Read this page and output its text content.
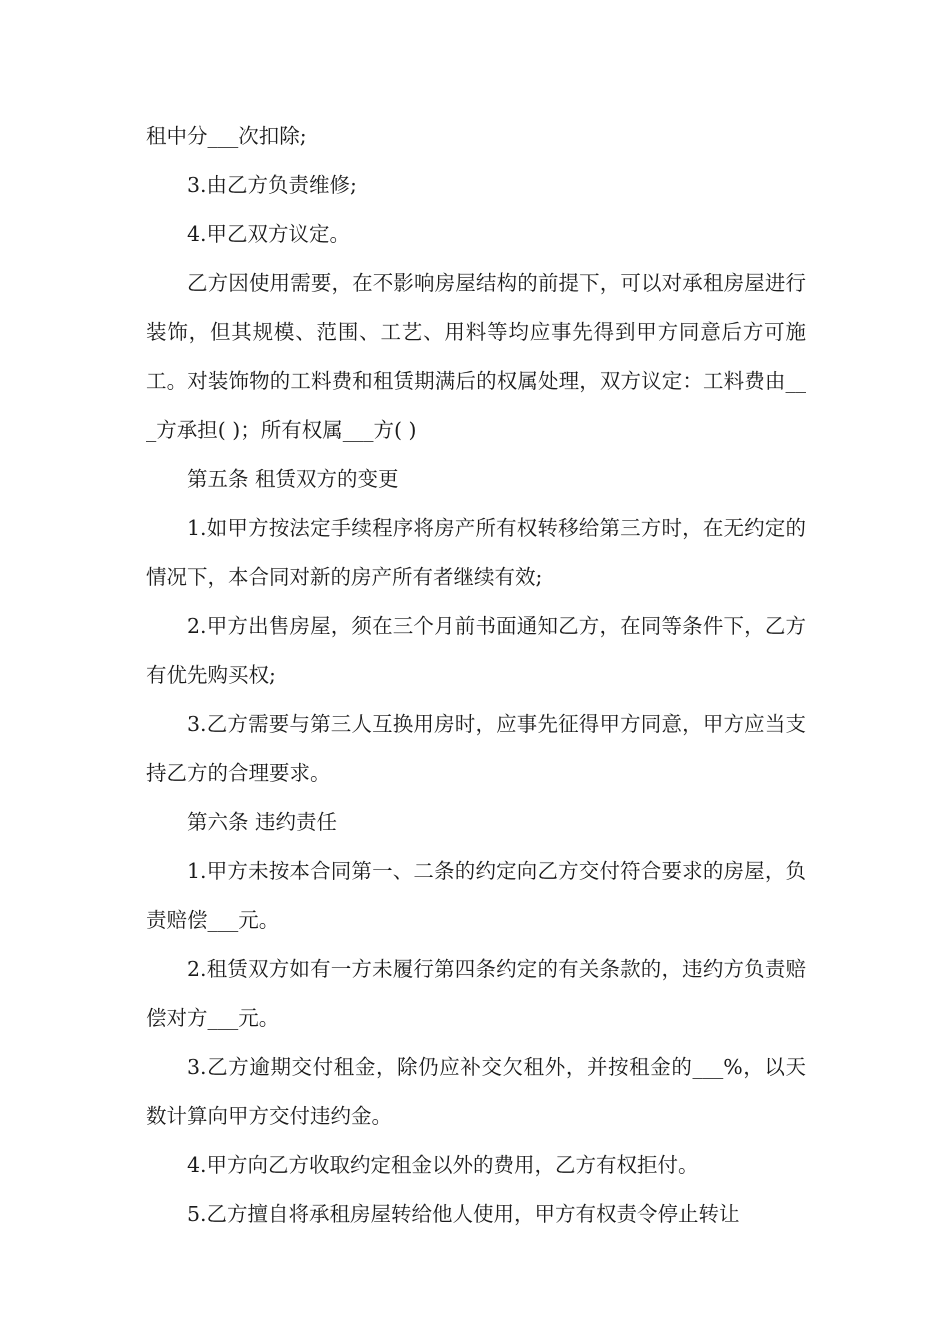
租中分___次扣除;

3.由乙方负责维修;

4.甲乙双方议定。

乙方因使用需要，在不影响房屋结构的前提下，可以对承租房屋进行装饰，但其规模、范围、工艺、用料等均应事先得到甲方同意后方可施工。对装饰物的工料费和租赁期满后的权属处理，双方议定：工料费由___方承担( )；所有权属___方( )

第五条 租赁双方的变更

1.如甲方按法定手续程序将房产所有权转移给第三方时，在无约定的情况下，本合同对新的房产所有者继续有效;

2.甲方出售房屋，须在三个月前书面通知乙方，在同等条件下，乙方有优先购买权;

3.乙方需要与第三人互换用房时，应事先征得甲方同意，甲方应当支持乙方的合理要求。

第六条 违约责任

1.甲方未按本合同第一、二条的约定向乙方交付符合要求的房屋，负责赔偿___元。

2.租赁双方如有一方未履行第四条约定的有关条款的，违约方负责赔偿对方___元。

3.乙方逾期交付租金，除仍应补交欠租外，并按租金的___%，以天数计算向甲方交付违约金。

4.甲方向乙方收取约定租金以外的费用，乙方有权拒付。

5.乙方擅自将承租房屋转给他人使用，甲方有权责令停止转让
